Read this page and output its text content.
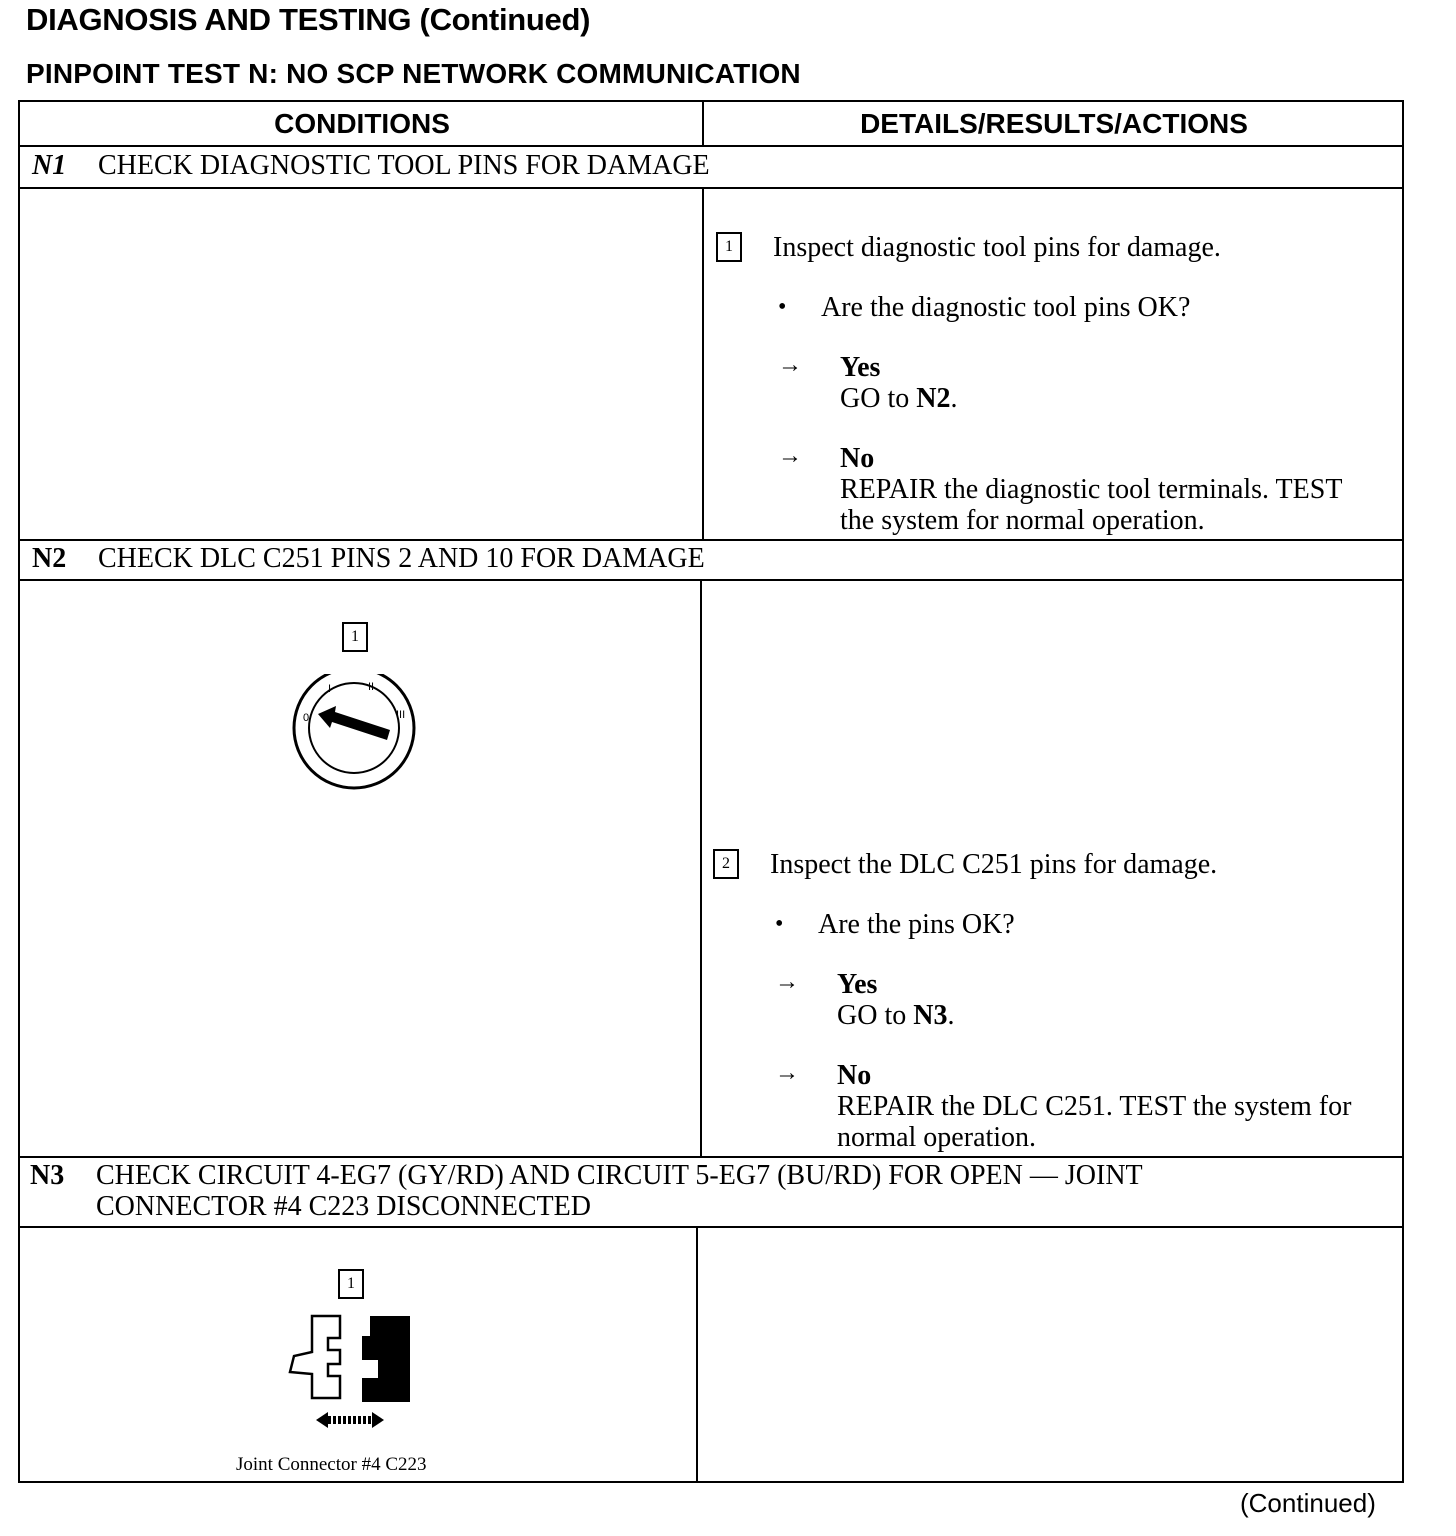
DIAGNOSIS AND TESTING (Continued)
PINPOINT TEST N: NO SCP NETWORK COMMUNICATION
CONDITIONS	DETAILS/RESULTS/ACTIONS
N1 CHECK DIAGNOSTIC TOOL PINS FOR DAMAGE
1	Inspect diagnostic tool pins for damage.
• Are the diagnostic tool pins OK?
→ Yes
GO to N2.
→ No
REPAIR the diagnostic tool terminals. TEST
the system for normal operation.
N2 CHECK DLC C251 PINS 2 AND 10 FOR DAMAGE
1
0
I	II
III
2	Inspect the DLC C251 pins for damage.
• Are the pins OK?
→ Yes
GO to N3.
→ No
REPAIR the DLC C251. TEST the system for
normal operation.
N3 CHECK CIRCUIT 4-EG7 (GY/RD) AND CIRCUIT 5-EG7 (BU/RD) FOR OPEN — JOINT
CONNECTOR #4 C223 DISCONNECTED
1
Joint Connector #4 C223
(Continued)
